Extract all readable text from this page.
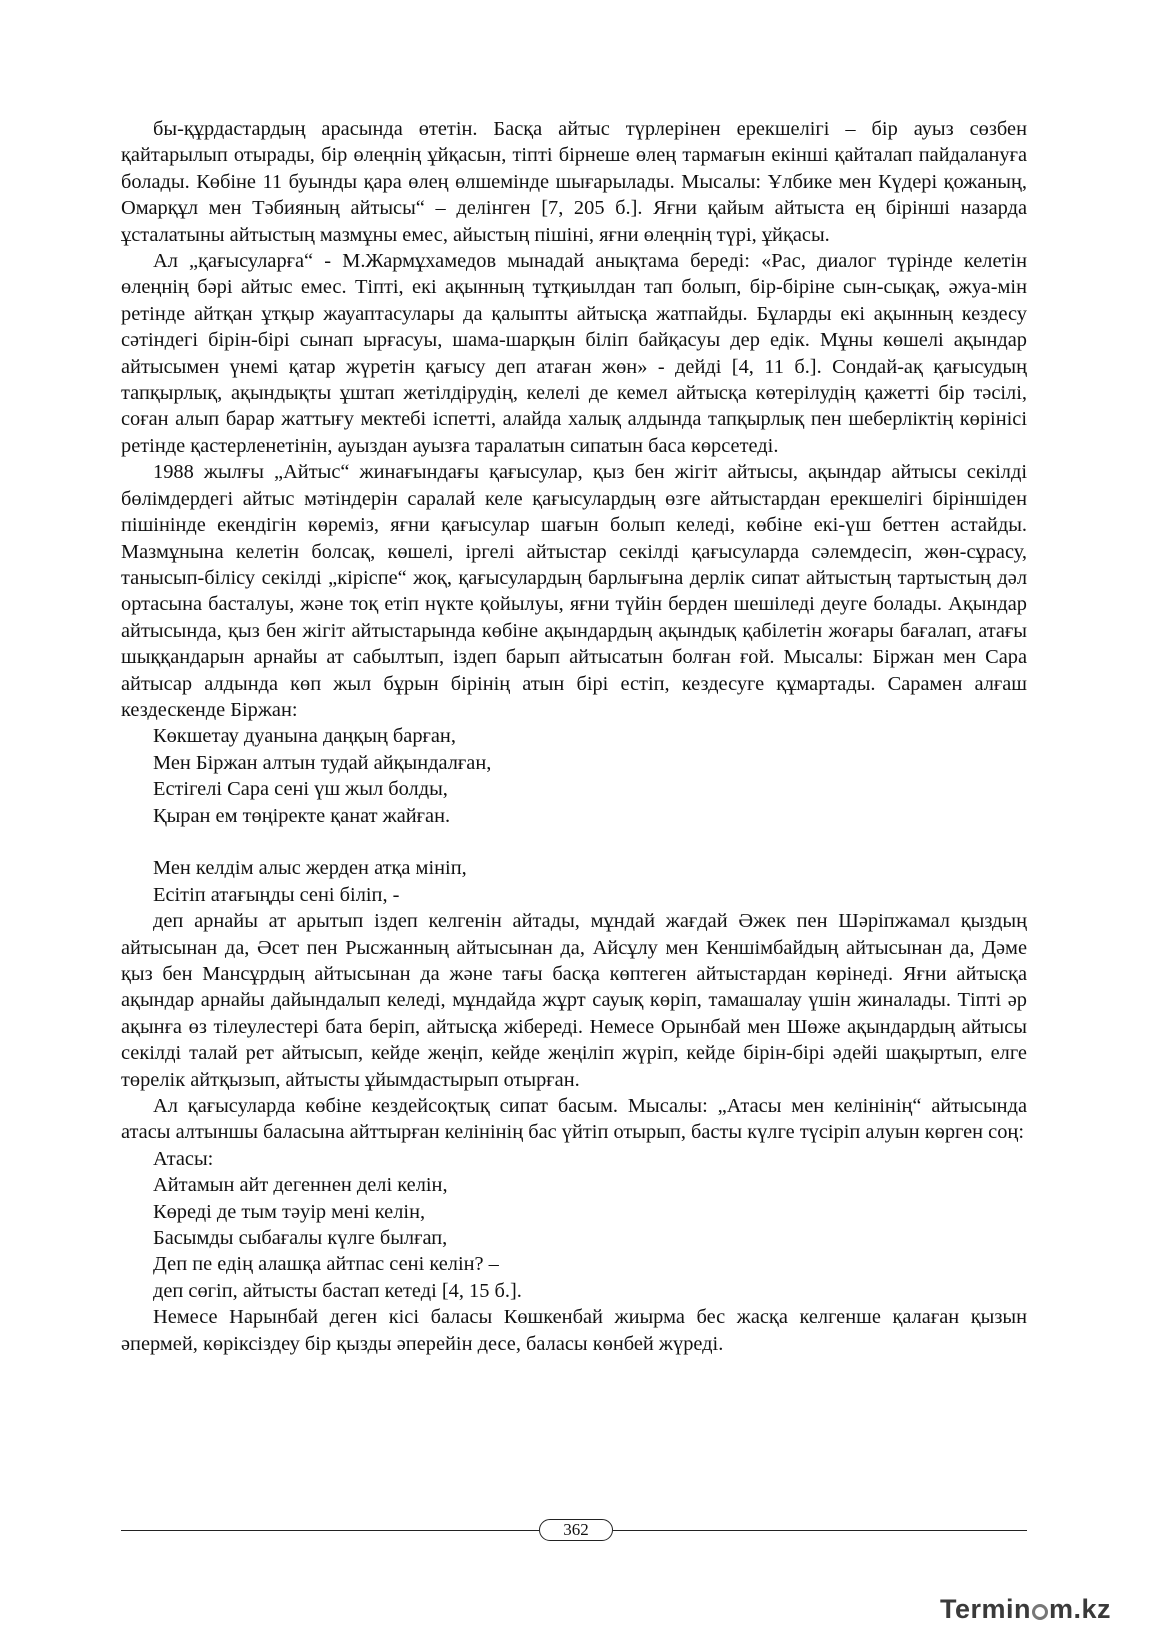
бы-құрдастардың арасында өтетін. Басқа айтыс түрлерінен ерекшелігі – бір ауыз сөзбен қайтарылып отырады, бір өлеңнің ұйқасын, тіпті бірнеше өлең тармағын екінші қайталап пайдалануға болады. Көбіне 11 буынды қара өлең өлшемінде шығарылады. Мысалы: Ұлбике мен Күдері қожаның, Омарқұл мен Тәбияның айтысы“ – делінген [7, 205 б.]. Яғни қайым айтыста ең бірінші назарда ұсталатыны айтыстың мазмұны емес, айыстың пішіні, яғни өлеңнің түрі, ұйқасы.
Ал „қағысуларға“ - М.Жармұхамедов мынадай анықтама береді: «Рас, диалог түрінде келетін өлеңнің бәрі айтыс емес. Тіпті, екі ақынның тұтқиылдан тап болып, бір-біріне сын-сықақ, әжуа-мін ретінде айтқан ұтқыр жауаптасулары да қалыпты айтысқа жатпайды. Бұларды екі ақынның кездесу сәтіндегі бірін-бірі сынап ырғасуы, шама-шарқын біліп байқасуы дер едік. Мұны көшелі ақындар айтысымен үнемі қатар жүретін қағысу деп атаған жөн» - дейді [4, 11 б.]. Сондай-ақ қағысудың тапқырлық, ақындықты ұштап жетілдірудің, келелі де кемел айтысқа көтерілудің қажетті бір тәсілі, соған алып барар жаттығу мектебі іспетті, алайда халық алдында тапқырлық пен шеберліктің көрінісі ретінде қастерленетінін, ауыздан ауызға таралатын сипатын баса көрсетеді.
1988 жылғы „Айтыс“ жинағындағы қағысулар, қыз бен жігіт айтысы, ақындар айтысы секілді бөлімдердегі айтыс мәтіндерін саралай келе қағысулардың өзге айтыстардан ерекшелігі біріншіден пішінінде екендігін көреміз, яғни қағысулар шағын болып келеді, көбіне екі-үш беттен астайды. Мазмұнына келетін болсақ, көшелі, іргелі айтыстар секілді қағысуларда сәлемдесіп, жөн-сұрасу, танысып-білісу секілді „кіріспе“ жоқ, қағысулардың барлығына дерлік сипат айтыстың тартыстың дәл ортасына басталуы, және тоқ етіп нүкте қойылуы, яғни түйін берден шешіледі деуге болады. Ақындар айтысында, қыз бен жігіт айтыстарында көбіне ақындардың ақындық қабілетін жоғары бағалап, атағы шыққандарын арнайы ат сабылтып, іздеп барып айтысатын болған ғой. Мысалы: Біржан мен Сара айтысар алдында көп жыл бұрын бірінің атын бірі естіп, кездесуге құмартады. Сарамен алғаш кездескенде Біржан:
Көкшетау дуанына даңқың барған,
Мен Біржан алтын тудай айқындалған,
Естігелі Сара сені үш жыл болды,
Қыран ем төңіректе қанат жайған.
Мен келдім алыс жерден атқа мініп,
Есітіп атағыңды сені біліп, -
деп арнайы ат арытып іздеп келгенін айтады, мұндай жағдай Әжек пен Шәріпжамал қыздың айтысынан да, Әсет пен Рысжанның айтысынан да, Айсұлу мен Кеншімбайдың айтысынан да, Дәме қыз бен Мансұрдың айтысынан да және тағы басқа көптеген айтыстардан көрінеді. Яғни айтысқа ақындар арнайы дайындалып келеді, мұндайда жұрт сауық көріп, тамашалау үшін жиналады. Тіпті әр ақынға өз тілеулестері бата беріп, айтысқа жібереді. Немесе Орынбай мен Шөже ақындардың айтысы секілді талай рет айтысып, кейде жеңіп, кейде жеңіліп жүріп, кейде бірін-бірі әдейі шақыртып, елге төрелік айтқызып, айтысты ұйымдастырып отырған.
Ал қағысуларда көбіне кездейсоқтық сипат басым. Мысалы: „Атасы мен келінінің“ айтысында атасы алтыншы баласына айттырған келінінің бас үйтіп отырып, басты күлге түсіріп алуын көрген соң:
Атасы:
Айтамын айт дегеннен делі келін,
Көреді де тым тәуір мені келін,
Басымды сыбағалы күлге былғап,
Деп пе едің алашқа айтпас сені келін? –
деп сөгіп, айтысты бастап кетеді [4, 15 б.].
Немесе Нарынбай деген кісі баласы Көшкенбай жиырма бес жасқа келгенше қалаған қызын әпермей, көріксіздеу бір қызды әперейін десе, баласы көнбей жүреді.
362
Termin m.kz
